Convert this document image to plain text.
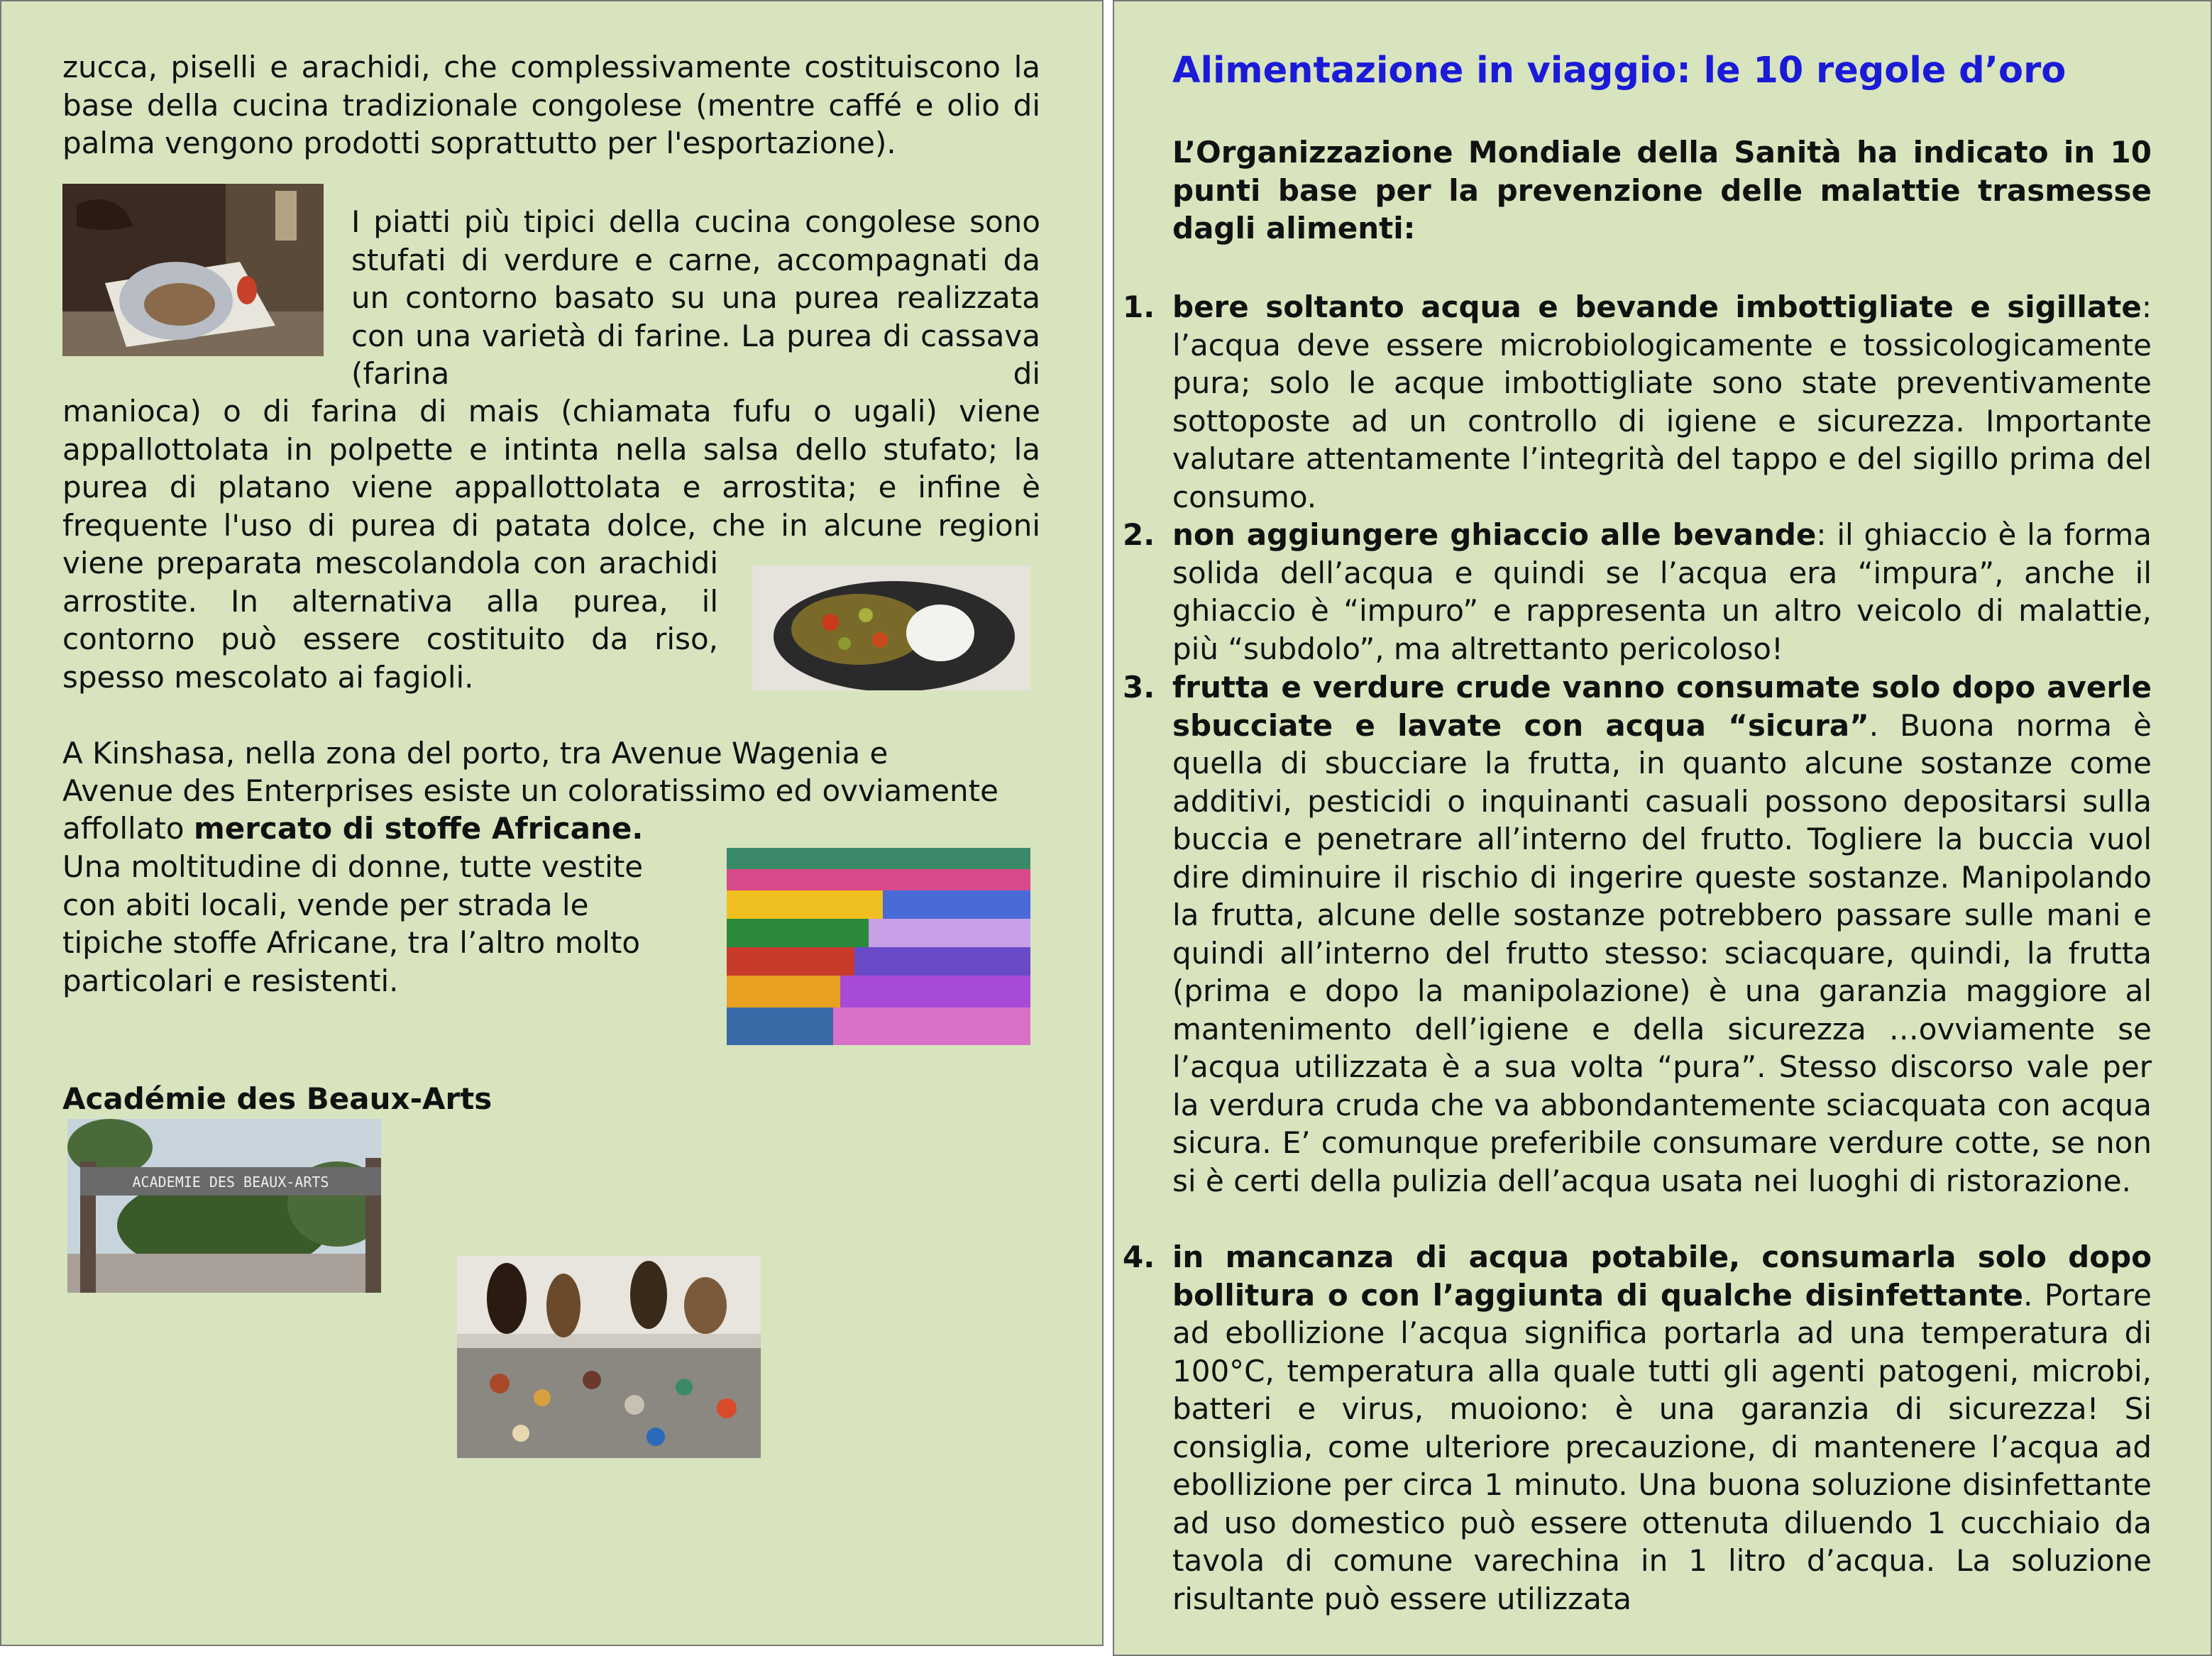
zucca, piselli e arachidi, che complessivamente costituiscono la base della cucina tradizionale congolese (mentre caffé e olio di palma vengono prodotti soprattutto per l'esportazione).

I piatti più tipici della cucina congolese sono stufati di verdure e carne, accompagnati da un contorno basato su una purea realizzata con una varietà di farine. La purea di cassava (farina di

manioca) o di farina di mais (chiamata fufu o ugali) viene appallottolata in polpette e intinta nella salsa dello stufato; la purea di platano viene appallottolata e arrostita; e infine è frequente l'uso di purea di patata dolce, che in alcune regioni

viene preparata mescolandola con arachidi arrostite. In alternativa alla purea, il contorno può essere costituito da riso, spesso mescolato ai fagioli.

A Kinshasa, nella zona del porto, tra Avenue Wagenia e

Avenue des Enterprises esiste un coloratissimo ed ovviamente

affollato mercato di stoffe Africane.

Una moltitudine di donne, tutte vestite con abiti locali, vende per strada le tipiche stoffe Africane, tra l’altro molto particolari e resistenti.

Académie des Beaux-Arts

ACADEMIE DES BEAUX-ARTS

Alimentazione in viaggio: le 10 regole d’oro

L’Organizzazione Mondiale della Sanità ha indicato in 10 punti base per la prevenzione delle malattie trasmesse dagli alimenti:

1. bere soltanto acqua e bevande imbottigliate e sigillate: l’acqua deve essere microbiologicamente e tossicologicamente pura; solo le acque imbottigliate sono state preventivamente sottoposte ad un controllo di igiene e sicurezza. Importante valutare attentamente l’integrità del tappo e del sigillo prima del consumo.

2. non aggiungere ghiaccio alle bevande: il ghiaccio è la forma solida dell’acqua e quindi se l’acqua era “impura”, anche il ghiaccio è “impuro” e rappresenta un altro veicolo di malattie, più “subdolo”, ma altrettanto pericoloso!

3. frutta e verdure crude vanno consumate solo dopo averle sbucciate e lavate con acqua “sicura”. Buona norma è quella di sbucciare la frutta, in quanto alcune sostanze come additivi, pesticidi o inquinanti casuali possono depositarsi sulla buccia e penetrare all’interno del frutto. Togliere la buccia vuol dire diminuire il rischio di ingerire queste sostanze. Manipolando la frutta, alcune delle sostanze potrebbero passare sulle mani e quindi all’interno del frutto stesso: sciacquare, quindi, la frutta (prima e dopo la manipolazione) è una garanzia maggiore al mantenimento dell’igiene e della sicurezza …ovviamente se l’acqua utilizzata è a sua volta “pura”. Stesso discorso vale per la verdura cruda che va abbondantemente sciacquata con acqua sicura. E’ comunque preferibile consumare verdure cotte, se non si è certi della pulizia dell’acqua usata nei luoghi di ristorazione.

4. in mancanza di acqua potabile, consumarla solo dopo bollitura o con l’aggiunta di qualche disinfettante. Portare ad ebollizione l’acqua significa portarla ad una temperatura di 100°C, temperatura alla quale tutti gli agenti patogeni, microbi, batteri e virus, muoiono: è una garanzia di sicurezza! Si consiglia, come ulteriore precauzione, di mantenere l’acqua ad ebollizione per circa 1 minuto. Una buona soluzione disinfettante ad uso domestico può essere ottenuta diluendo 1 cucchiaio da tavola di comune varechina in 1 litro d’acqua. La soluzione risultante può essere utilizzata
